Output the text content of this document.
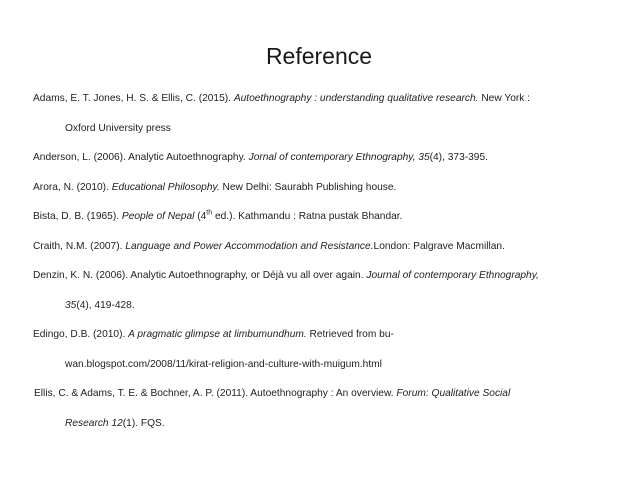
Reference
Adams, E. T. Jones, H. S. & Ellis, C. (2015). Autoethnography : understanding qualitative research. New York :
Oxford University press
Anderson, L. (2006). Analytic Autoethnography. Jornal of contemporary Ethnography, 35(4), 373-395.
Arora, N. (2010). Educational Philosophy. New Delhi: Saurabh Publishing house.
Bista, D. B. (1965). People of Nepal (4th ed.). Kathmandu : Ratna pustak Bhandar.
Craith, N.M. (2007). Language and Power Accommodation and Resistance.London: Palgrave Macmillan.
Denzin, K. N. (2006). Analytic Autoethnography, or Déjà vu all over again. Journal of contemporary Ethnography,
35(4), 419-428.
Edingo, D.B. (2010). A pragmatic glimpse at limbumundhum. Retrieved from bu-
wan.blogspot.com/2008/11/kirat-religion-and-culture-with-muigum.html
Ellis, C. & Adams, T. E. & Bochner, A. P. (2011). Autoethnography : An overview. Forum: Qualitative Social
Research 12(1). FQS.
